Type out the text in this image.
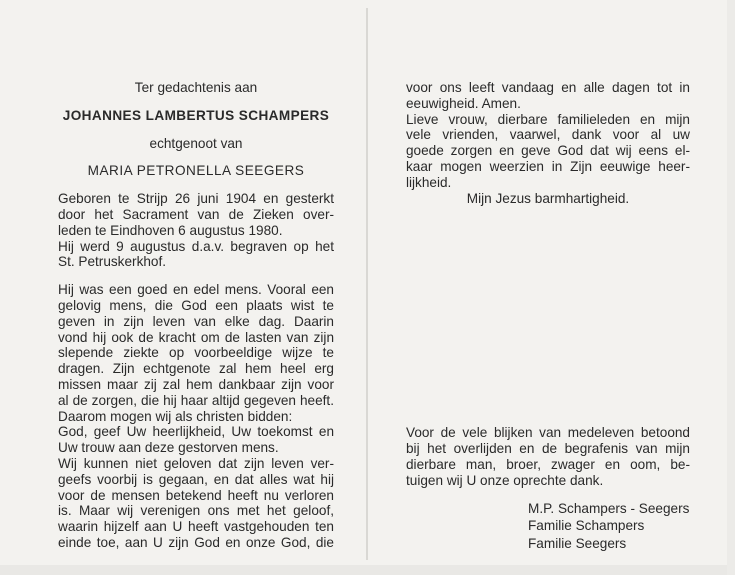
Ter gedachtenis aan
JOHANNES LAMBERTUS SCHAMPERS
echtgenoot van
MARIA PETRONELLA SEEGERS
Geboren te Strijp 26 juni 1904 en gesterkt
door het Sacrament van de Zieken over-
leden te Eindhoven 6 augustus 1980.
Hij werd 9 augustus d.a.v. begraven op het
St. Petruskerkhof.
Hij was een goed en edel mens. Vooral een
gelovig mens, die God een plaats wist te
geven in zijn leven van elke dag. Daarin
vond hij ook de kracht om de lasten van zijn
slepende ziekte op voorbeeldige wijze te
dragen. Zijn echtgenote zal hem heel erg
missen maar zij zal hem dankbaar zijn voor
al de zorgen, die hij haar altijd gegeven heeft.
Daarom mogen wij als christen bidden:
God, geef Uw heerlijkheid, Uw toekomst en
Uw trouw aan deze gestorven mens.
Wij kunnen niet geloven dat zijn leven ver-
geefs voorbij is gegaan, en dat alles wat hij
voor de mensen betekend heeft nu verloren
is. Maar wij verenigen ons met het geloof,
waarin hijzelf aan U heeft vastgehouden ten
einde toe, aan U zijn God en onze God, die
voor ons leeft vandaag en alle dagen tot in
eeuwigheid. Amen.
Lieve vrouw, dierbare familieleden en mijn
vele vrienden, vaarwel, dank voor al uw
goede zorgen en geve God dat wij eens el-
kaar mogen weerzien in Zijn eeuwige heer-
lijkheid.
Mijn Jezus barmhartigheid.
Voor de vele blijken van medeleven betoond
bij het overlijden en de begrafenis van mijn
dierbare man, broer, zwager en oom, be-
tuigen wij U onze oprechte dank.
M.P. Schampers - Seegers
Familie Schampers
Familie Seegers
